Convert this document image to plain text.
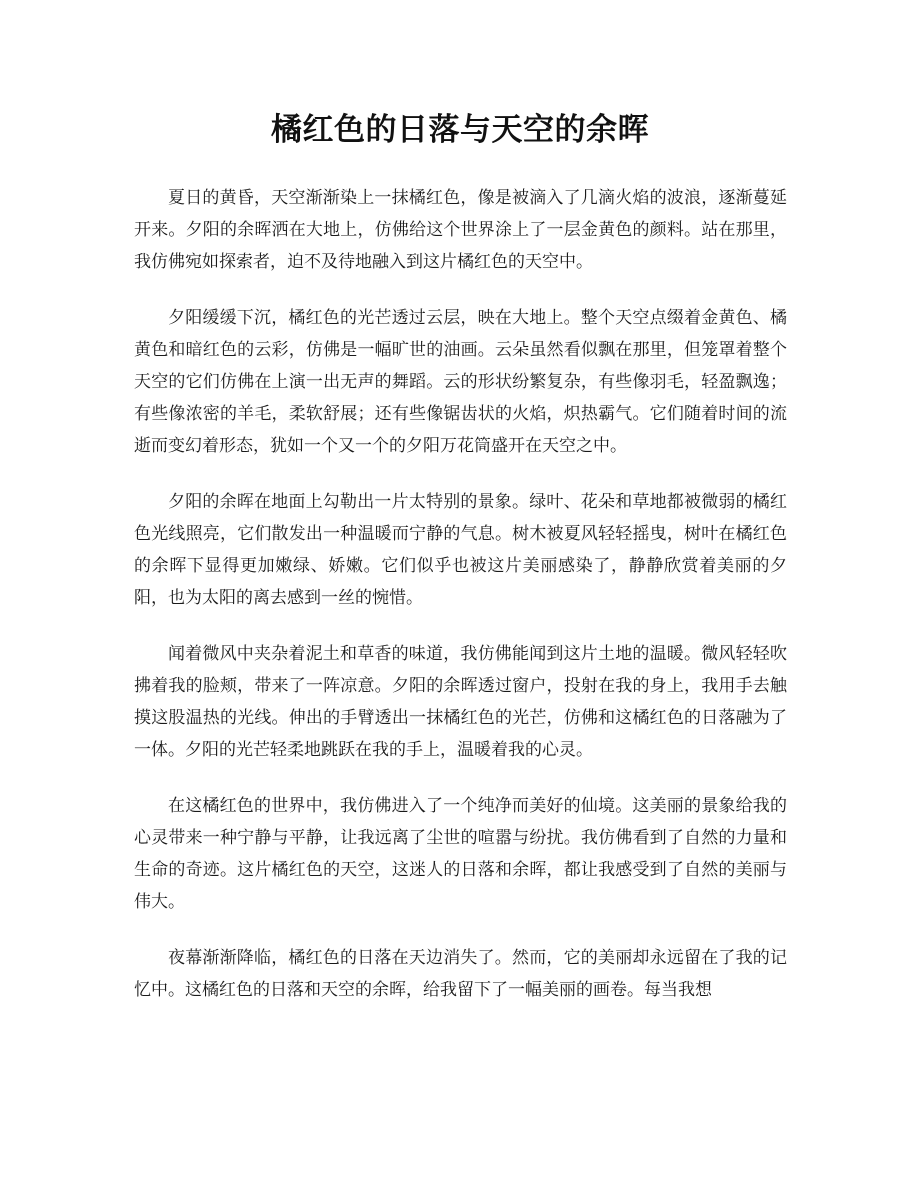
橘红色的日落与天空的余晖

夏日的黄昏，天空渐渐染上一抹橘红色，像是被滴入了几滴火焰的波浪，逐渐蔓延开来。夕阳的余晖洒在大地上，仿佛给这个世界涂上了一层金黄色的颜料。站在那里，我仿佛宛如探索者，迫不及待地融入到这片橘红色的天空中。

夕阳缓缓下沉，橘红色的光芒透过云层，映在大地上。整个天空点缀着金黄色、橘黄色和暗红色的云彩，仿佛是一幅旷世的油画。云朵虽然看似飘在那里，但笼罩着整个天空的它们仿佛在上演一出无声的舞蹈。云的形状纷繁复杂，有些像羽毛，轻盈飘逸；有些像浓密的羊毛，柔软舒展；还有些像锯齿状的火焰，炽热霸气。它们随着时间的流逝而变幻着形态，犹如一个又一个的夕阳万花筒盛开在天空之中。

夕阳的余晖在地面上勾勒出一片太特别的景象。绿叶、花朵和草地都被微弱的橘红色光线照亮，它们散发出一种温暖而宁静的气息。树木被夏风轻轻摇曳，树叶在橘红色的余晖下显得更加嫩绿、娇嫩。它们似乎也被这片美丽感染了，静静欣赏着美丽的夕阳，也为太阳的离去感到一丝的惋惜。

闻着微风中夹杂着泥土和草香的味道，我仿佛能闻到这片土地的温暖。微风轻轻吹拂着我的脸颊，带来了一阵凉意。夕阳的余晖透过窗户，投射在我的身上，我用手去触摸这股温热的光线。伸出的手臂透出一抹橘红色的光芒，仿佛和这橘红色的日落融为了一体。夕阳的光芒轻柔地跳跃在我的手上，温暖着我的心灵。

在这橘红色的世界中，我仿佛进入了一个纯净而美好的仙境。这美丽的景象给我的心灵带来一种宁静与平静，让我远离了尘世的喧嚣与纷扰。我仿佛看到了自然的力量和生命的奇迹。这片橘红色的天空，这迷人的日落和余晖，都让我感受到了自然的美丽与伟大。

夜幕渐渐降临，橘红色的日落在天边消失了。然而，它的美丽却永远留在了我的记忆中。这橘红色的日落和天空的余晖，给我留下了一幅美丽的画卷。每当我想
